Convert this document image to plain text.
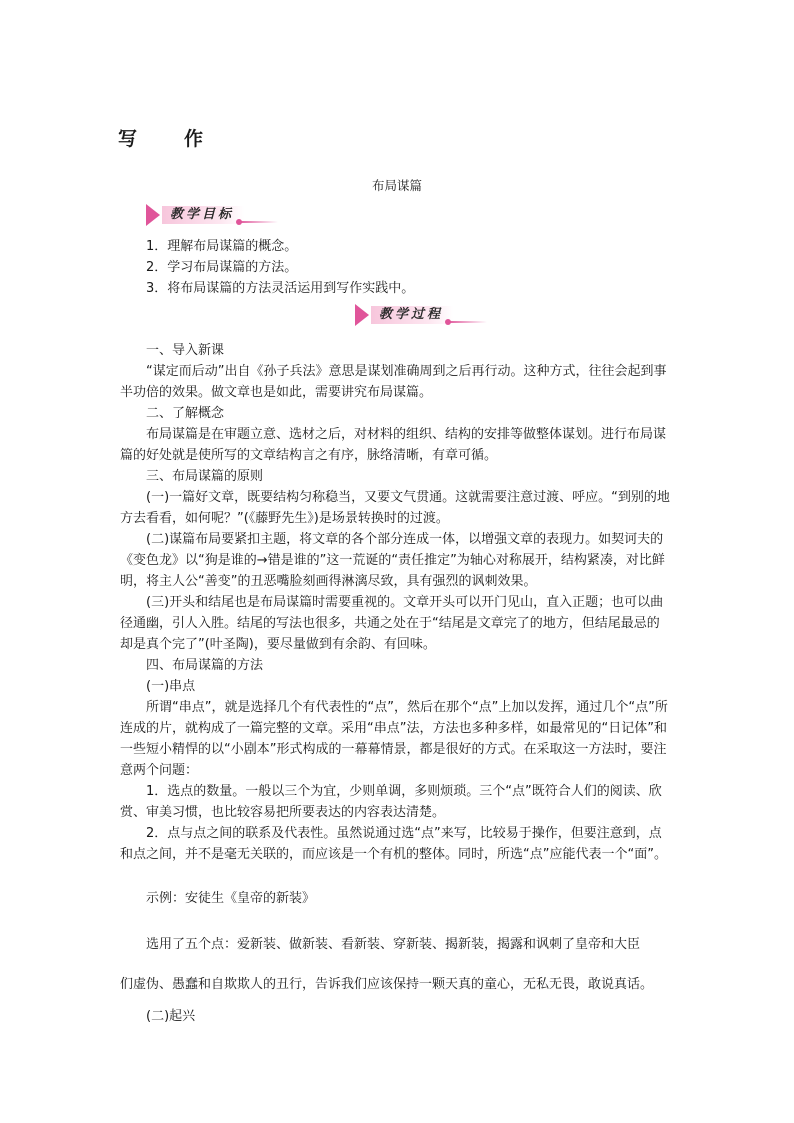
写　作
布局谋篇
教学目标
1．理解布局谋篇的概念。
2．学习布局谋篇的方法。
3．将布局谋篇的方法灵活运用到写作实践中。
教学过程

一、导入新课

“谋定而后动”出自《孙子兵法》意思是谋划准确周到之后再行动。这种方式，往往会起到事半功倍的效果。做文章也是如此，需要讲究布局谋篇。

二、了解概念

布局谋篇是在审题立意、选材之后，对材料的组织、结构的安排等做整体谋划。进行布局谋篇的好处就是使所写的文章结构言之有序，脉络清晰，有章可循。

三、布局谋篇的原则

(一)一篇好文章，既要结构匀称稳当，又要文气贯通。这就需要注意过渡、呼应。“到别的地方去看看，如何呢？”(《藤野先生》)是场景转换时的过渡。

(二)谋篇布局要紧扣主题，将文章的各个部分连成一体，以增强文章的表现力。如契诃夫的《变色龙》以“狗是谁的→错是谁的”这一荒诞的“责任推定”为轴心对称展开，结构紧凑，对比鲜明，将主人公“善变”的丑恶嘴脸刻画得淋漓尽致，具有强烈的讽刺效果。

(三)开头和结尾也是布局谋篇时需要重视的。文章开头可以开门见山，直入正题；也可以曲径通幽，引人入胜。结尾的写法也很多，共通之处在于“结尾是文章完了的地方，但结尾最忌的却是真个完了”(叶圣陶)，要尽量做到有余韵、有回味。

四、布局谋篇的方法

(一)串点

所谓“串点”，就是选择几个有代表性的“点”，然后在那个“点”上加以发挥，通过几个“点”所连成的片，就构成了一篇完整的文章。采用“串点”法，方法也多种多样，如最常见的“日记体”和一些短小精悍的以“小剧本”形式构成的一幕幕情景，都是很好的方式。在采取这一方法时，要注意两个问题：

1．选点的数量。一般以三个为宜，少则单调，多则烦琐。三个“点”既符合人们的阅读、欣赏、审美习惯，也比较容易把所要表达的内容表达清楚。

2．点与点之间的联系及代表性。虽然说通过选“点”来写，比较易于操作，但要注意到，点和点之间，并不是毫无关联的，而应该是一个有机的整体。同时，所选“点”应能代表一个“面”。

示例：安徒生《皇帝的新装》
选用了五个点：爱新装、做新装、看新装、穿新装、揭新装，揭露和讽刺了皇帝和大臣
们虚伪、愚蠢和自欺欺人的丑行，告诉我们应该保持一颗天真的童心，无私无畏，敢说真话。
(二)起兴
